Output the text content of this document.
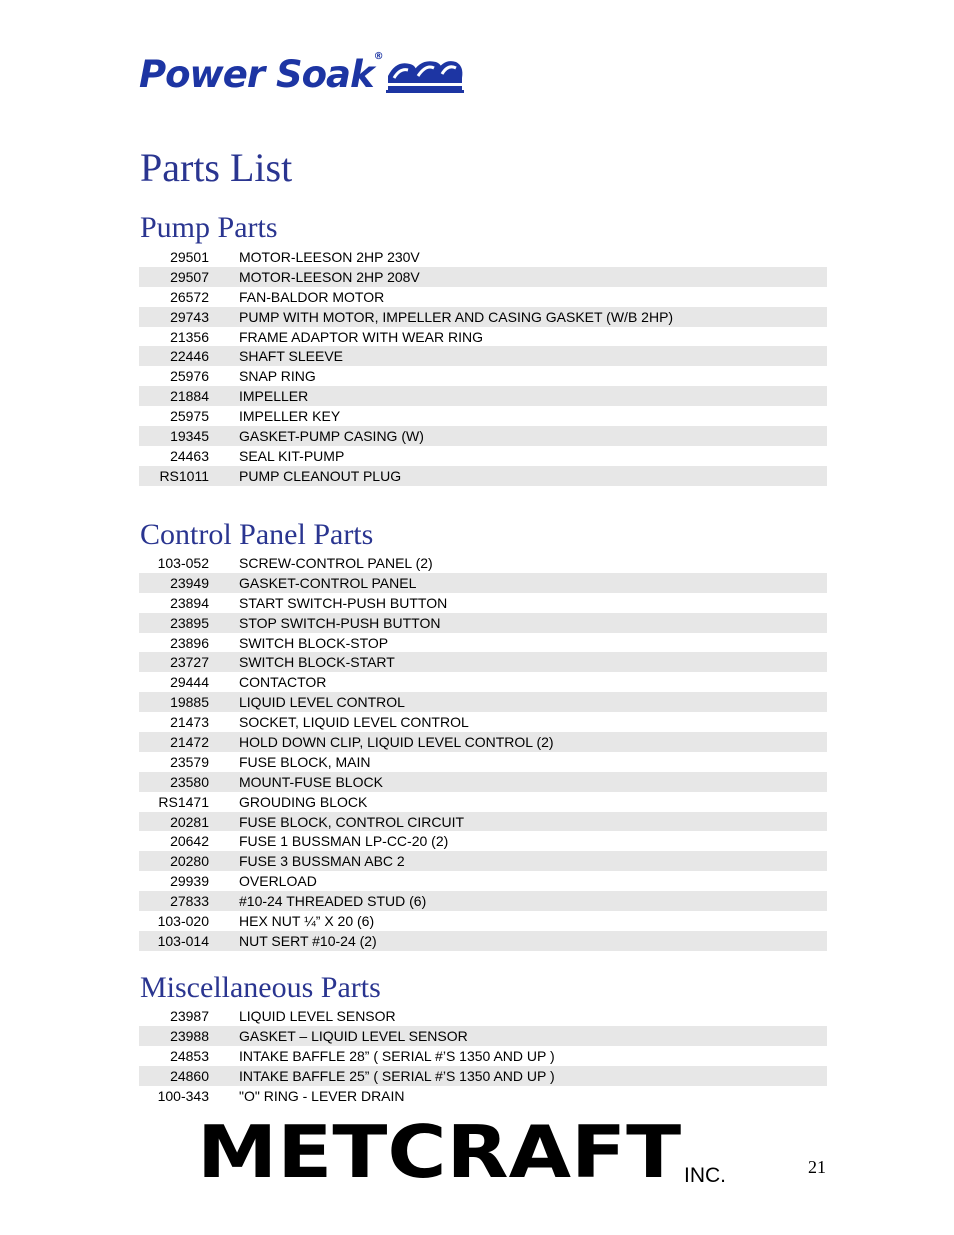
Power Soak®
Parts List
Pump Parts
29501	MOTOR-LEESON 2HP 230V
29507	MOTOR-LEESON 2HP 208V
26572	FAN-BALDOR MOTOR
29743	PUMP WITH MOTOR, IMPELLER AND CASING GASKET (W/B 2HP)
21356	FRAME ADAPTOR WITH WEAR RING
22446	SHAFT SLEEVE
25976	SNAP RING
21884	IMPELLER
25975	IMPELLER KEY
19345	GASKET-PUMP CASING (W)
24463	SEAL KIT-PUMP
RS1011	PUMP CLEANOUT PLUG
Control Panel Parts
103-052	SCREW-CONTROL PANEL (2)
23949	GASKET-CONTROL PANEL
23894	START SWITCH-PUSH BUTTON
23895	STOP SWITCH-PUSH BUTTON
23896	SWITCH BLOCK-STOP
23727	SWITCH BLOCK-START
29444	CONTACTOR
19885	LIQUID LEVEL CONTROL
21473	SOCKET, LIQUID LEVEL CONTROL
21472	HOLD DOWN CLIP, LIQUID LEVEL CONTROL (2)
23579	FUSE BLOCK, MAIN
23580	MOUNT-FUSE BLOCK
RS1471	GROUDING BLOCK
20281	FUSE BLOCK, CONTROL CIRCUIT
20642	FUSE 1 BUSSMAN LP-CC-20 (2)
20280	FUSE 3 BUSSMAN ABC 2
29939	OVERLOAD
27833	#10-24 THREADED STUD (6)
103-020	HEX NUT ¼” X 20 (6)
103-014	NUT SERT #10-24 (2)
Miscellaneous Parts
23987	LIQUID LEVEL SENSOR
23988	GASKET – LIQUID LEVEL SENSOR
24853	INTAKE BAFFLE 28” ( SERIAL #’S 1350 AND UP )
24860	INTAKE BAFFLE 25” ( SERIAL #’S 1350 AND UP )
100-343	"O" RING - LEVER DRAIN
METCRAFT INC.	21
